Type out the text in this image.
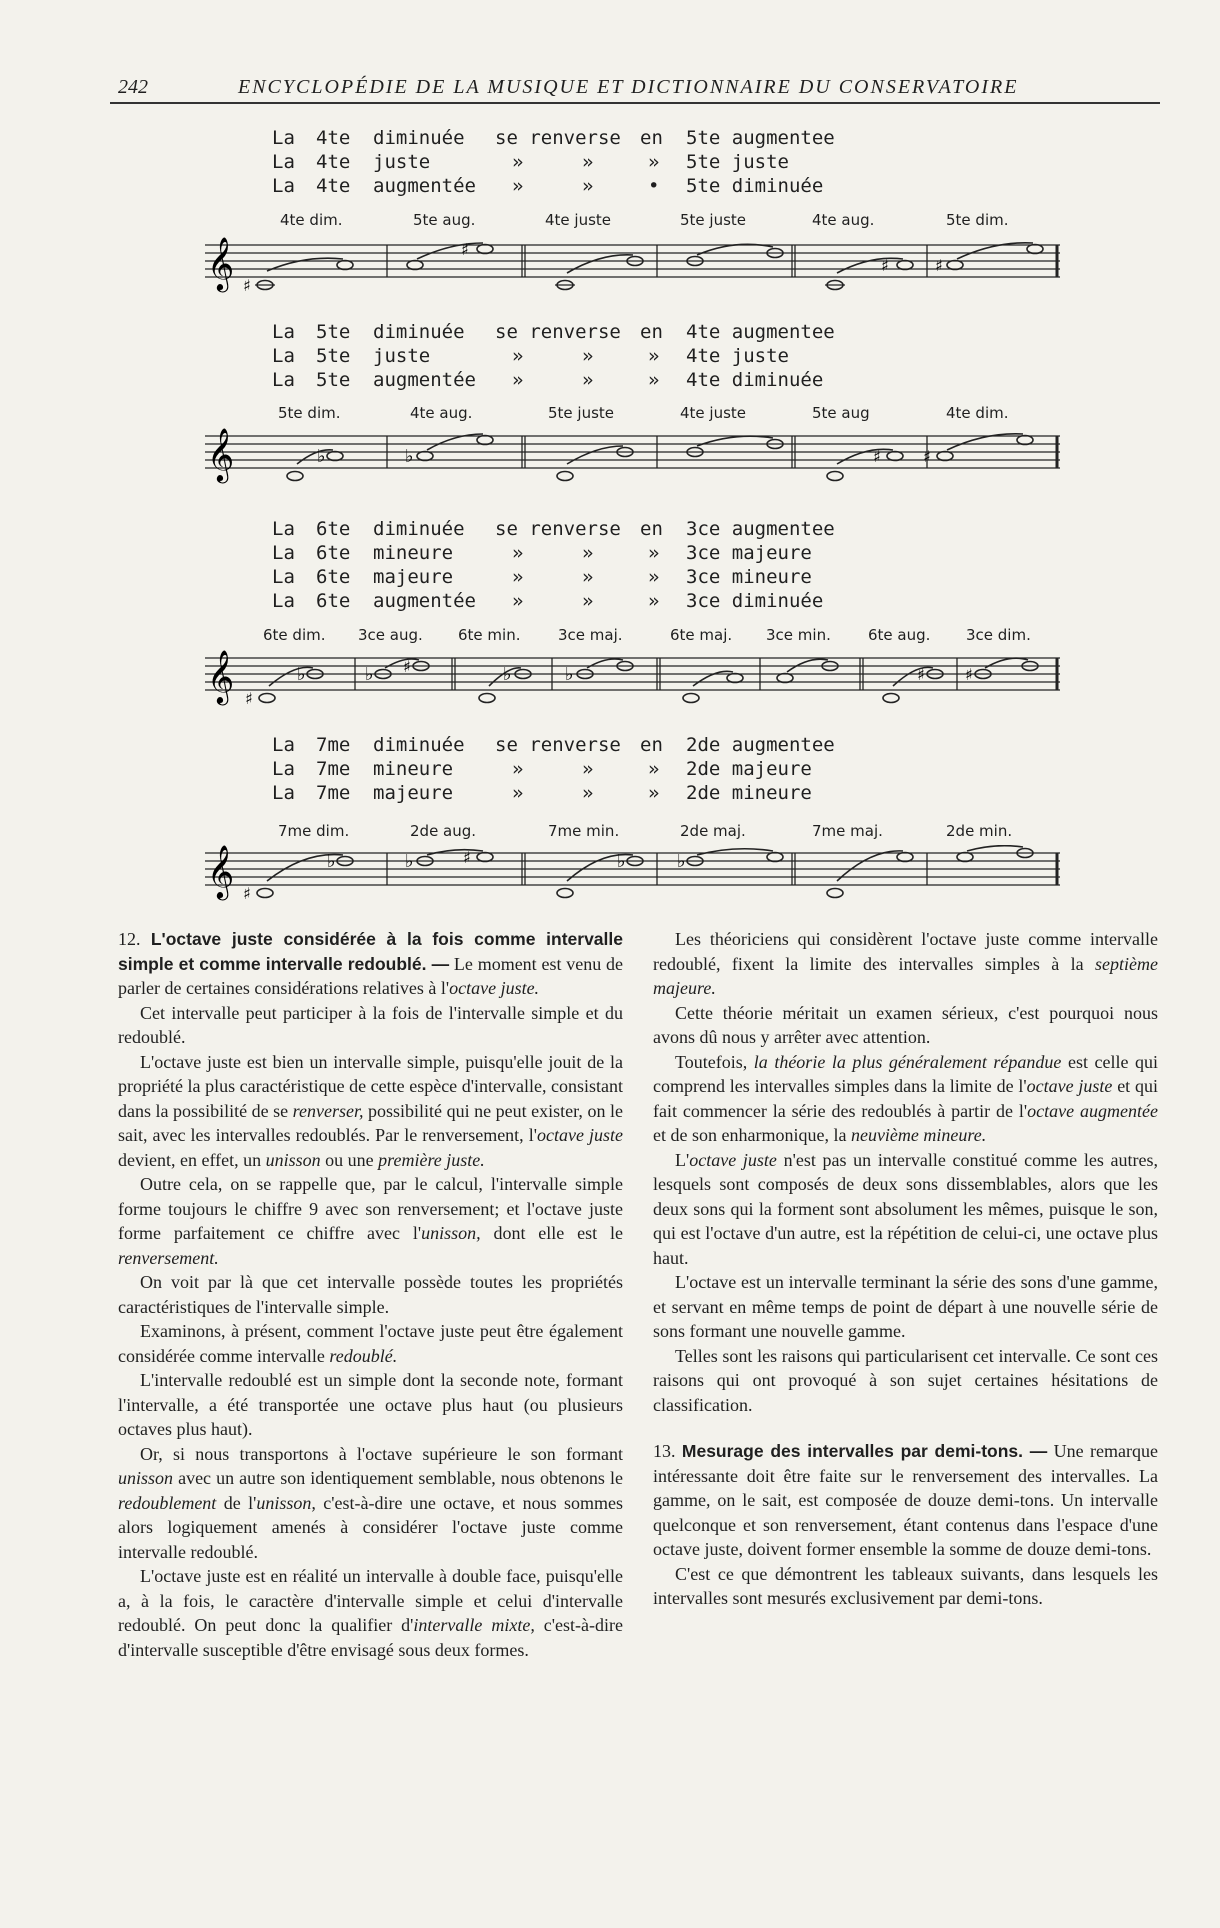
242	ENCYCLOPÉDIE DE LA MUSIQUE ET DICTIONNAIRE DU CONSERVATOIRE
𝄞 ♯
♯
♯	♯
𝄞	♭	♭	♯	♯
𝄞 ♯
♭	♭ ♯	♭	♭	♯	♯
𝄞 ♯
♭	♭	♯	♭	♭

12. L'octave juste considérée à la fois comme intervalle simple et comme intervalle redoublé. — Le moment est venu de parler de certaines considérations relatives à l'octave juste.

Cet intervalle peut participer à la fois de l'intervalle simple et du redoublé.

L'octave juste est bien un intervalle simple, puisqu'elle jouit de la propriété la plus caractéristique de cette espèce d'intervalle, consistant dans la possibilité de se renverser, possibilité qui ne peut exister, on le sait, avec les intervalles redoublés. Par le renversement, l'octave juste devient, en effet, un unisson ou une première juste.

Outre cela, on se rappelle que, par le calcul, l'intervalle simple forme toujours le chiffre 9 avec son renversement; et l'octave juste forme parfaitement ce chiffre avec l'unisson, dont elle est le renversement.

On voit par là que cet intervalle possède toutes les propriétés caractéristiques de l'intervalle simple.

Examinons, à présent, comment l'octave juste peut être également considérée comme intervalle redoublé.

L'intervalle redoublé est un simple dont la seconde note, formant l'intervalle, a été transportée une octave plus haut (ou plusieurs octaves plus haut).

Or, si nous transportons à l'octave supérieure le son formant unisson avec un autre son identiquement semblable, nous obtenons le redoublement de l'unisson, c'est-à-dire une octave, et nous sommes alors logiquement amenés à considérer l'octave juste comme intervalle redoublé.

L'octave juste est en réalité un intervalle à double face, puisqu'elle a, à la fois, le caractère d'intervalle simple et celui d'intervalle redoublé. On peut donc la qualifier d'intervalle mixte, c'est-à-dire d'intervalle susceptible d'être envisagé sous deux formes.

Les théoriciens qui considèrent l'octave juste comme intervalle redoublé, fixent la limite des intervalles simples à la septième majeure.

Cette théorie méritait un examen sérieux, c'est pourquoi nous avons dû nous y arrêter avec attention.

Toutefois, la théorie la plus généralement répandue est celle qui comprend les intervalles simples dans la limite de l'octave juste et qui fait commencer la série des redoublés à partir de l'octave augmentée et de son enharmonique, la neuvième mineure.

L'octave juste n'est pas un intervalle constitué comme les autres, lesquels sont composés de deux sons dissemblables, alors que les deux sons qui la forment sont absolument les mêmes, puisque le son, qui est l'octave d'un autre, est la répétition de celui-ci, une octave plus haut.

L'octave est un intervalle terminant la série des sons d'une gamme, et servant en même temps de point de départ à une nouvelle série de sons formant une nouvelle gamme.

Telles sont les raisons qui particularisent cet intervalle. Ce sont ces raisons qui ont provoqué à son sujet certaines hésitations de classification.

13. Mesurage des intervalles par demi-tons. — Une remarque intéressante doit être faite sur le renversement des intervalles. La gamme, on le sait, est composée de douze demi-tons. Un intervalle quelconque et son renversement, étant contenus dans l'espace d'une octave juste, doivent former ensemble la somme de douze demi-tons.

C'est ce que démontrent les tableaux suivants, dans lesquels les intervalles sont mesurés exclusivement par demi-tons.

La 4te diminuée se renverse en 5te augmentee
La 4te juste	»	»	» 5te juste
La 4te augmentée »	»	• 5te diminuée
4te dim.	5te aug.	4te juste	5te juste	4te aug.	5te dim.
La 5te diminuée se renverse en 4te augmentee
La 5te juste	»	»	» 4te juste
La 5te augmentée »	»	» 4te diminuée
5te dim.	4te aug.	5te juste	4te juste	5te aug	4te dim.
La 6te diminuée se renverse en 3ce augmentee
La 6te mineure	»	»	» 3ce majeure
La 6te majeure	»	»	» 3ce mineure
La 6te augmentée »	»	» 3ce diminuée
6te dim. 3ce aug. 6te min.	3ce maj.	6te maj. 3ce min. 6te aug. 3ce dim.
La 7me diminuée se renverse en 2de augmentee
La 7me mineure	»	»	» 2de majeure
La 7me majeure	»	»	» 2de mineure
7me dim.	2de aug.	7me min.	2de maj.	7me maj.	2de min.
